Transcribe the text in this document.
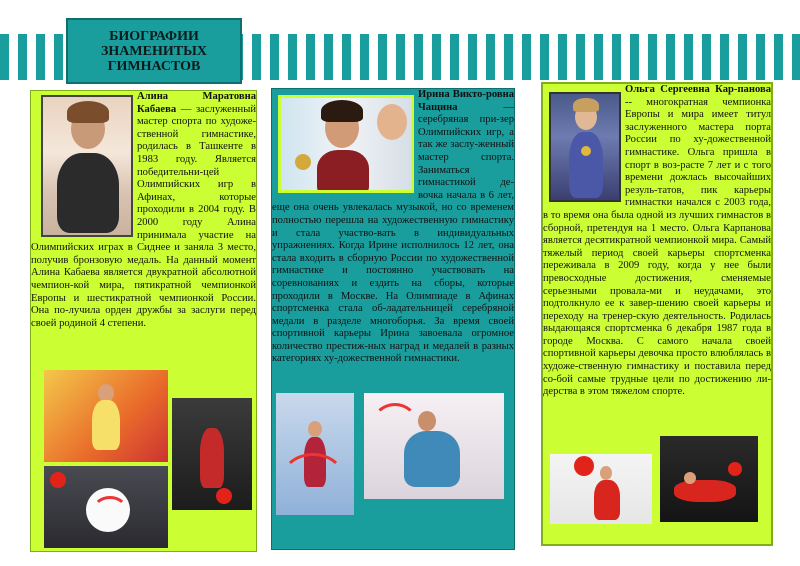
БИОГРАФИИ ЗНАМЕНИТЫХ ГИМНАСТОВ

Алина Маратовна Кабаева — заслуженный мастер спорта по художе-ственной гимнастике, родилась в Ташкенте в 1983 году. Является победительни-цей Олимпийских игр в Афинах, которые проходили в 2004 году. В 2000 году Алина принимала участие на Олимпийских играх в Сиднее и заняла 3 место, получив бронзовую медаль. На данный момент Алина Кабаева является двукратной абсолютной чемпион-кой мира, пятикратной чемпионкой Европы и шестикратной чемпионкой России. Она по-лучила орден дружбы за заслуги перед своей родиной 4 степени.

Ирина Викто-ровна Чащина — серебряная при-зер Олимпийских игр, а так же заслу-женный мастер спорта. Заниматься гимнастикой де-вочка начала в 6 лет, еще она очень увлекалась музыкой, но со временем полностью перешла на художественную гимнастику и стала участво-вать в индивидуальных упражнениях. Когда Ирине исполнилось 12 лет, она стала входить в сборную России по художественной гимнастике и постоянно участвовать на соревнованиях и ездить на сборы, которые проходили в Москве. На Олимпиаде в Афинах спортсменка стала об-ладательницей серебряной медали в разделе многоборья. За время своей спортивной карьеры Ирина завоевала огромное количество престиж-ных наград и медалей в разных категориях ху-дожественной гимнастики.

Ольга Сергеевна Кар-панова -- многократная чемпионка Европы и мира имеет титул заслуженного мастера порта России по ху-дожественной гимнастике. Ольга пришла в спорт в воз-расте 7 лет и с того времени дожлась высочайших резуль-татов, пик карьеры гимнастки начался с 2003 года, в то время она была одной из лучших гимнастов в сборной, претендуя на 1 место. Ольга Карпанова является десятикратной чемпионкой мира. Самый тяжелый период своей карьеры спортсменка переживала в 2009 году, когда у нее были превосходные достижения, сменяемые серьезными провала-ми и неудачами, это подтолкнуло ее к завер-шению своей карьеры и переходу на тренер-скую деятельность. Родилась выдающаяся спортсменка 6 декабря 1987 года в городе Москва. С самого начала своей спортивной карьеры девочка просто влюблялась в художе-ственную гимнастику и поставила перед со-бой самые трудные цели по достижению ли-дерства в этом тяжелом спорте.
